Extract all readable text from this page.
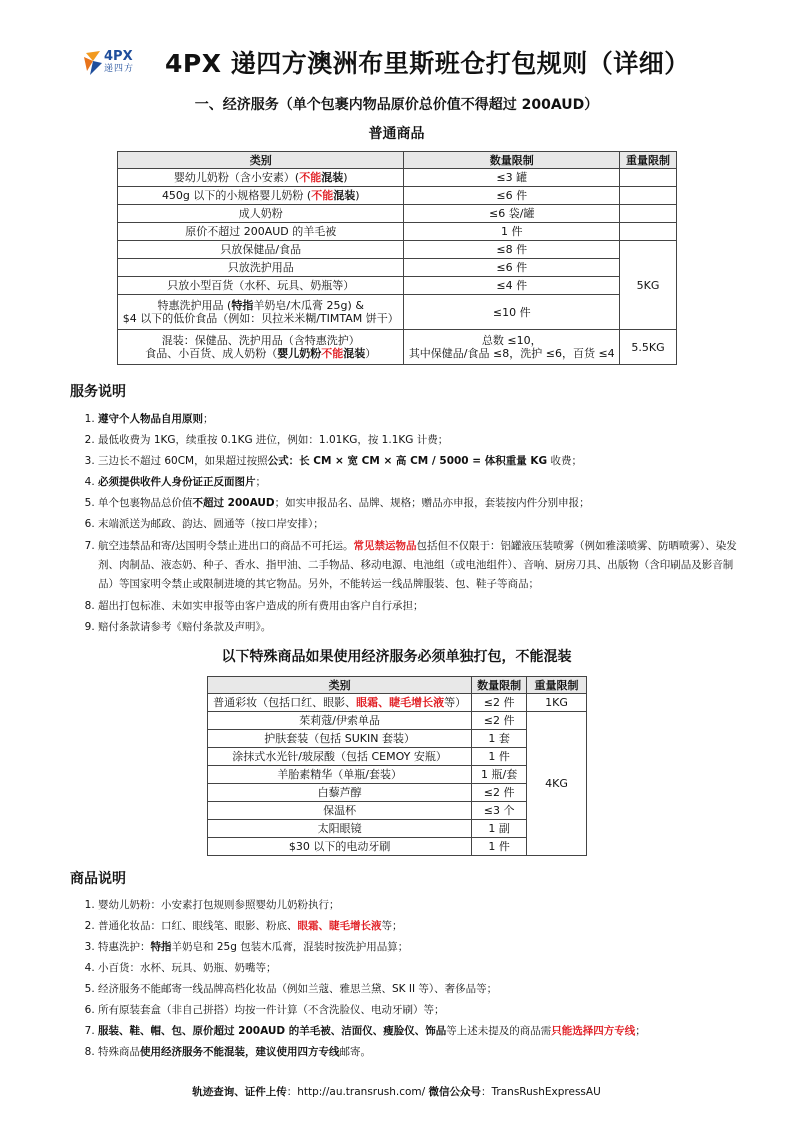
4PX
递四方 4PX 递四方澳洲布里斯班仓打包规则（详细）
一、经济服务（单个包裹内物品原价总价值不得超过 200AUD）
普通商品
类别	数量限制	重量限制
婴幼儿奶粉（含小安素）(不能混装)	≤3 罐	
450g 以下的小规格婴儿奶粉 (不能混装)	≤6 件	
成人奶粉	≤6 袋/罐	
原价不超过 200AUD 的羊毛被	1 件	
只放保健品/食品	≤8 件	5KG
只放洗护用品	≤6 件	
只放小型百货（水杯、玩具、奶瓶等）	≤4 件	
特惠洗护用品 (特指羊奶皂/木瓜膏 25g) &
$4 以下的低价食品（例如：贝拉米米糊/TIMTAM 饼干）	≤10 件	
混装：保健品、洗护用品（含特惠洗护）
食品、小百货、成人奶粉（婴儿奶粉不能混装）	总数 ≤10，
其中保健品/食品 ≤8，洗护 ≤6，百货 ≤4	5.5KG
服务说明
1. 遵守个人物品自用原则；
2. 最低收费为 1KG，续重按 0.1KG 进位，例如：1.01KG，按 1.1KG 计费；
3. 三边长不超过 60CM，如果超过按照公式：长 CM × 宽 CM × 高 CM / 5000 = 体积重量 KG 收费；
4. 必须提供收件人身份证正反面图片；
5. 单个包裹物品总价值不超过 200AUD；如实申报品名、品牌、规格；赠品亦申报，套装按内件分别申报；
6. 末端派送为邮政、韵达、圆通等（按口岸安排）；
7. 航空违禁品和寄/达国明令禁止进出口的商品不可托运。常见禁运物品包括但不仅限于：铝罐液压装喷雾（例如雅漾喷雾、防晒喷雾）、染发剂、肉制品、液态奶、种子、香水、指甲油、二手物品、移动电源、电池组（或电池组件）、音响、厨房刀具、出版物（含印刷品及影音制品）等国家明令禁止或限制进境的其它物品。另外，不能转运一线品牌服装、包、鞋子等商品；
8. 超出打包标准、未如实申报等由客户造成的所有费用由客户自行承担；
9. 赔付条款请参考《赔付条款及声明》。
以下特殊商品如果使用经济服务必须单独打包，不能混装
类别	数量限制	重量限制
普通彩妆（包括口红、眼影、眼霜、睫毛增长液等）	≤2 件	1KG
茱莉蔻/伊索单品	≤2 件	4KG
护肤套装（包括 SUKIN 套装）	1 套	
涂抹式水光针/玻尿酸（包括 CEMOY 安瓶）	1 件	
羊胎素精华（单瓶/套装）	1 瓶/套	
白藜芦醇	≤2 件	
保温杯	≤3 个	
太阳眼镜	1 副	
$30 以下的电动牙刷	1 件	
商品说明
1. 婴幼儿奶粉：小安素打包规则参照婴幼儿奶粉执行；
2. 普通化妆品：口红、眼线笔、眼影、粉底、眼霜、睫毛增长液等；
3. 特惠洗护：特指羊奶皂和 25g 包装木瓜膏，混装时按洗护用品算；
4. 小百货：水杯、玩具、奶瓶、奶嘴等；
5. 经济服务不能邮寄一线品牌高档化妆品（例如兰蔻、雅思兰黛、SK II 等）、奢侈品等；
6. 所有原装套盒（非自己拼搭）均按一件计算（不含洗脸仪、电动牙刷）等；
7. 服装、鞋、帽、包、原价超过 200AUD 的羊毛被、洁面仪、瘦脸仪、饰品等上述未提及的商品需只能选择四方专线；
8. 特殊商品使用经济服务不能混装，建议使用四方专线邮寄。
轨迹查询、证件上传：http://au.transrush.com/ 微信公众号：TransRushExpressAU
